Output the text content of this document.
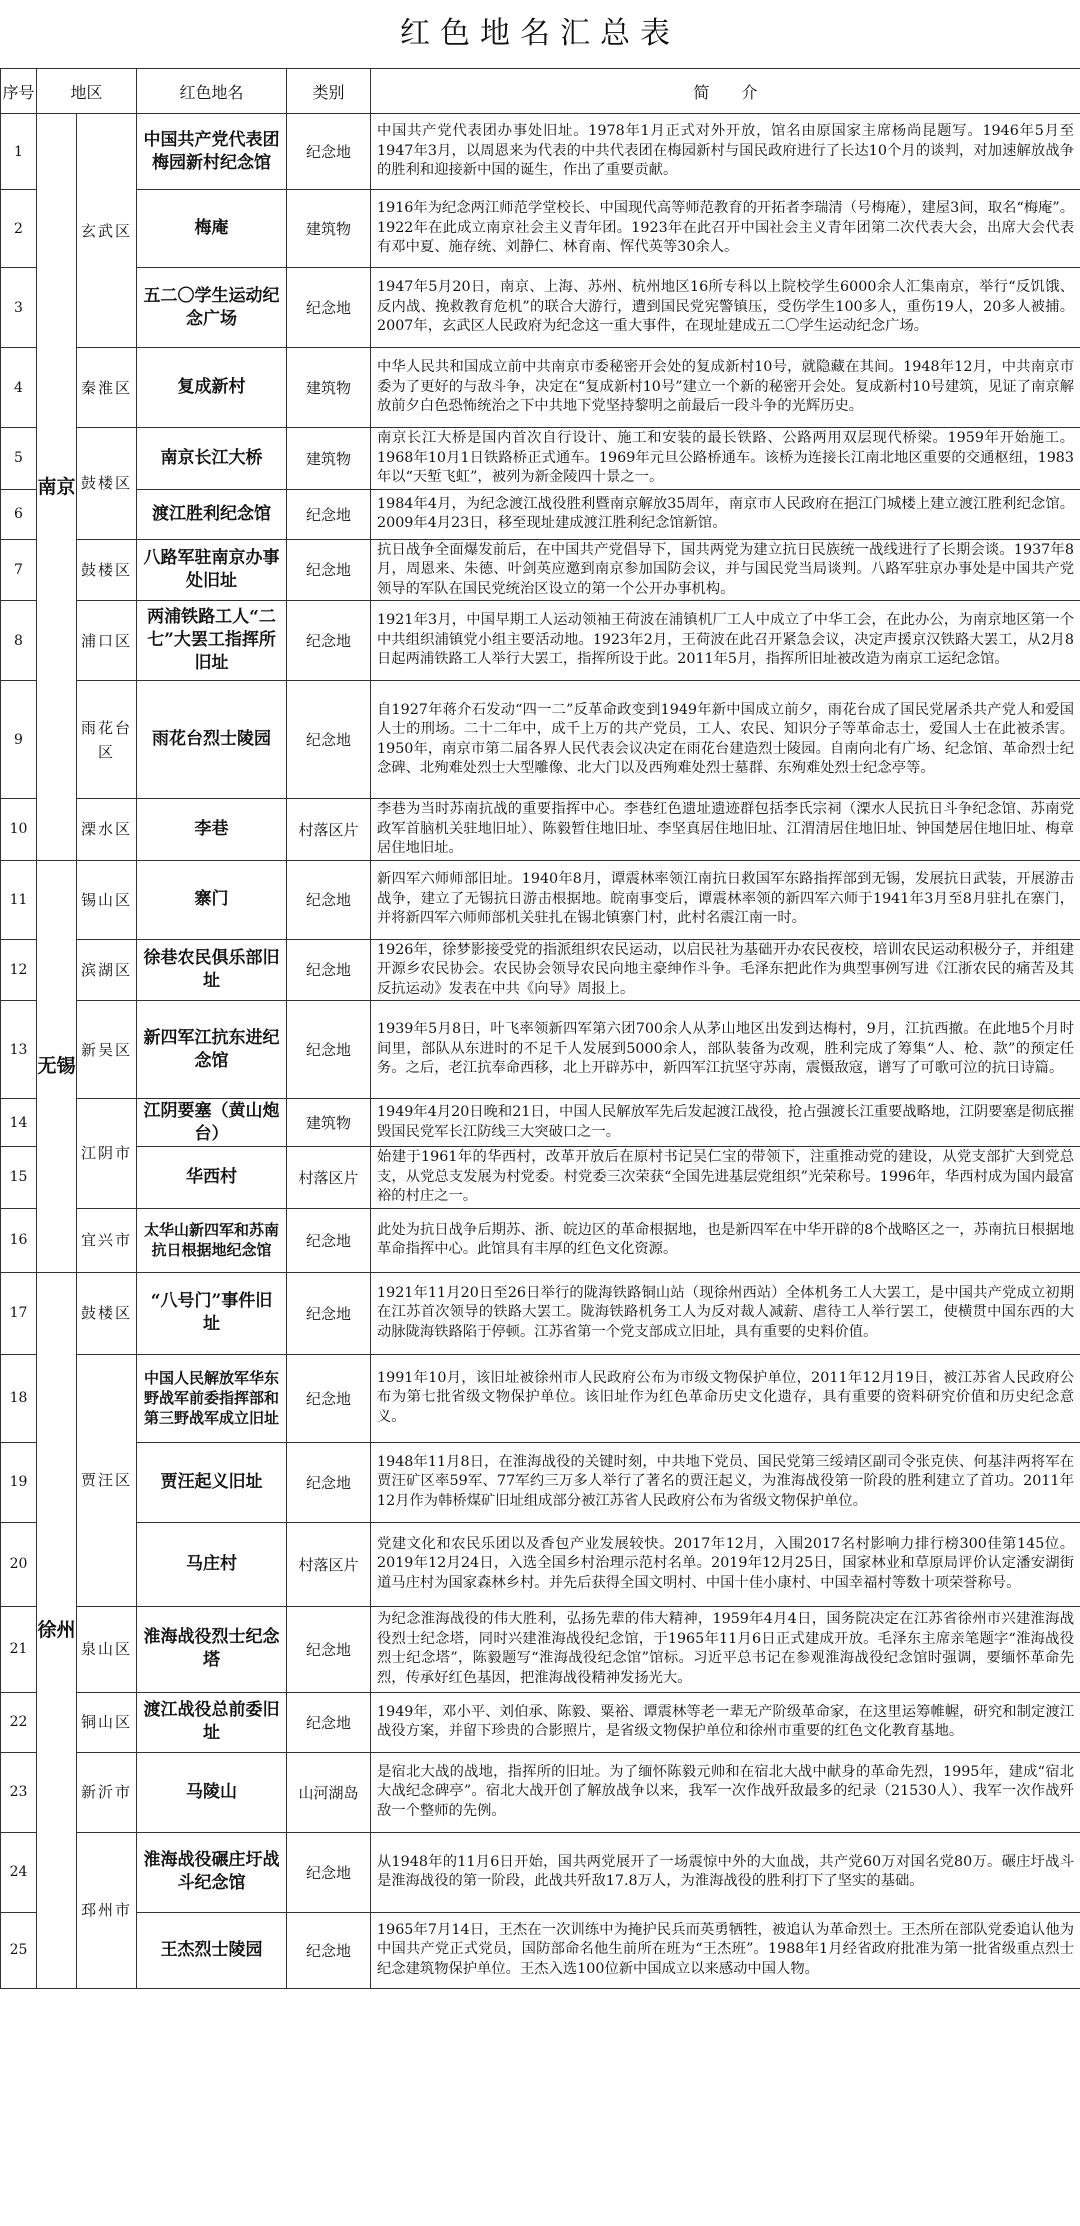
红色地名汇总表
序号	地区		红色地名	类别	简　　介
1	南京	玄武区	中国共产党代表团梅园新村纪念馆	纪念地	中国共产党代表团办事处旧址。1978年1月正式对外开放，馆名由原国家主席杨尚昆题写。1946年5月至1947年3月，以周恩来为代表的中共代表团在梅园新村与国民政府进行了长达10个月的谈判，对加速解放战争的胜利和迎接新中国的诞生，作出了重要贡献。
2			梅庵	建筑物	1916年为纪念两江师范学堂校长、中国现代高等师范教育的开拓者李瑞清（号梅庵），建屋3间，取名“梅庵”。1922年在此成立南京社会主义青年团。1923年在此召开中国社会主义青年团第二次代表大会，出席大会代表有邓中夏、施存统、刘静仁、林育南、恽代英等30余人。
3			五二〇学生运动纪念广场	纪念地	1947年5月20日，南京、上海、苏州、杭州地区16所专科以上院校学生6000余人汇集南京，举行“反饥饿、反内战、挽救教育危机”的联合大游行，遭到国民党宪警镇压，受伤学生100多人，重伤19人，20多人被捕。2007年，玄武区人民政府为纪念这一重大事件，在现址建成五二〇学生运动纪念广场。
4		秦淮区	复成新村	建筑物	中华人民共和国成立前中共南京市委秘密开会处的复成新村10号，就隐藏在其间。1948年12月，中共南京市委为了更好的与敌斗争，决定在“复成新村10号”建立一个新的秘密开会处。复成新村10号建筑，见证了南京解放前夕白色恐怖统治之下中共地下党坚持黎明之前最后一段斗争的光辉历史。
5		鼓楼区	南京长江大桥	建筑物	南京长江大桥是国内首次自行设计、施工和安装的最长铁路、公路两用双层现代桥梁。1959年开始施工。1968年10月1日铁路桥正式通车。1969年元旦公路桥通车。该桥为连接长江南北地区重要的交通枢纽，1983年以“天堑飞虹”，被列为新金陵四十景之一。
6			渡江胜利纪念馆	纪念地	1984年4月，为纪念渡江战役胜利暨南京解放35周年，南京市人民政府在挹江门城楼上建立渡江胜利纪念馆。2009年4月23日，移至现址建成渡江胜利纪念馆新馆。
7		鼓楼区	八路军驻南京办事处旧址	纪念地	抗日战争全面爆发前后，在中国共产党倡导下，国共两党为建立抗日民族统一战线进行了长期会谈。1937年8月，周恩来、朱德、叶剑英应邀到南京参加国防会议，并与国民党当局谈判。八路军驻京办事处是中国共产党领导的军队在国民党统治区设立的第一个公开办事机构。
8		浦口区	两浦铁路工人“二七”大罢工指挥所旧址	纪念地	1921年3月，中国早期工人运动领袖王荷波在浦镇机厂工人中成立了中华工会，在此办公，为南京地区第一个中共组织浦镇党小组主要活动地。1923年2月，王荷波在此召开紧急会议，决定声援京汉铁路大罢工，从2月8日起两浦铁路工人举行大罢工，指挥所设于此。2011年5月，指挥所旧址被改造为南京工运纪念馆。
9		雨花台区	雨花台烈士陵园	纪念地	自1927年蒋介石发动“四一二”反革命政变到1949年新中国成立前夕，雨花台成了国民党屠杀共产党人和爱国人士的刑场。二十二年中，成千上万的共产党员，工人、农民、知识分子等革命志士，爱国人士在此被杀害。1950年，南京市第二届各界人民代表会议决定在雨花台建造烈士陵园。自南向北有广场、纪念馆、革命烈士纪念碑、北殉难处烈士大型雕像、北大门以及西殉难处烈士墓群、东殉难处烈士纪念亭等。
10		溧水区	李巷	村落区片	李巷为当时苏南抗战的重要指挥中心。李巷红色遗址遗迹群包括李氏宗祠（溧水人民抗日斗争纪念馆、苏南党政军首脑机关驻地旧址）、陈毅暂住地旧址、李坚真居住地旧址、江渭清居住地旧址、钟国楚居住地旧址、梅章居住地旧址。
11	无锡	锡山区	寨门	纪念地	新四军六师师部旧址。1940年8月，谭震林率领江南抗日救国军东路指挥部到无锡，发展抗日武装，开展游击战争，建立了无锡抗日游击根据地。皖南事变后，谭震林率领的新四军六师于1941年3月至8月驻扎在寨门，并将新四军六师师部机关驻扎在锡北镇寨门村，此村名震江南一时。
12		滨湖区	徐巷农民俱乐部旧址	纪念地	1926年，徐梦影接受党的指派组织农民运动，以启民社为基础开办农民夜校，培训农民运动积极分子，并组建开源乡农民协会。农民协会领导农民向地主豪绅作斗争。毛泽东把此作为典型事例写进《江浙农民的痛苦及其反抗运动》发表在中共《向导》周报上。
13		新吴区	新四军江抗东进纪念馆	纪念地	1939年5月8日，叶飞率领新四军第六团700余人从茅山地区出发到达梅村，9月，江抗西撤。在此地5个月时间里，部队从东进时的不足千人发展到5000余人，部队装备为改观，胜利完成了筹集“人、枪、款”的预定任务。之后，老江抗奉命西移，北上开辟苏中，新四军江抗坚守苏南，震慑敌寇，谱写了可歌可泣的抗日诗篇。
14		江阴市	江阴要塞（黄山炮台）	建筑物	1949年4月20日晚和21日，中国人民解放军先后发起渡江战役，抢占强渡长江重要战略地，江阴要塞是彻底摧毁国民党军长江防线三大突破口之一。
15			华西村	村落区片	始建于1961年的华西村，改革开放后在原村书记吴仁宝的带领下，注重推动党的建设，从党支部扩大到党总支，从党总支发展为村党委。村党委三次荣获“全国先进基层党组织”光荣称号。1996年，华西村成为国内最富裕的村庄之一。
16		宜兴市	太华山新四军和苏南抗日根据地纪念馆	纪念地	此处为抗日战争后期苏、浙、皖边区的革命根据地，也是新四军在中华开辟的8个战略区之一，苏南抗日根据地革命指挥中心。此馆具有丰厚的红色文化资源。
17	徐州	鼓楼区	“八号门”事件旧址	纪念地	1921年11月20日至26日举行的陇海铁路铜山站（现徐州西站）全体机务工人大罢工，是中国共产党成立初期在江苏首次领导的铁路大罢工。陇海铁路机务工人为反对裁人减薪、虐待工人举行罢工，使横贯中国东西的大动脉陇海铁路陷于停顿。江苏省第一个党支部成立旧址，具有重要的史料价值。
18		贾汪区	中国人民解放军华东野战军前委指挥部和第三野战军成立旧址	纪念地	1991年10月，该旧址被徐州市人民政府公布为市级文物保护单位，2011年12月19日，被江苏省人民政府公布为第七批省级文物保护单位。该旧址作为红色革命历史文化遗存，具有重要的资料研究价值和历史纪念意义。
19			贾汪起义旧址	纪念地	1948年11月8日，在淮海战役的关键时刻，中共地下党员、国民党第三绥靖区副司令张克侠、何基沣两将军在贾汪矿区率59军、77军约三万多人举行了著名的贾汪起义，为淮海战役第一阶段的胜利建立了首功。2011年12月作为韩桥煤矿旧址组成部分被江苏省人民政府公布为省级文物保护单位。
20			马庄村	村落区片	党建文化和农民乐团以及香包产业发展较快。2017年12月，入围2017名村影响力排行榜300佳第145位。2019年12月24日，入选全国乡村治理示范村名单。2019年12月25日，国家林业和草原局评价认定潘安湖街道马庄村为国家森林乡村。并先后获得全国文明村、中国十佳小康村、中国幸福村等数十项荣誉称号。
21		泉山区	淮海战役烈士纪念塔	纪念地	为纪念淮海战役的伟大胜利，弘扬先辈的伟大精神，1959年4月4日，国务院决定在江苏省徐州市兴建淮海战役烈士纪念塔，同时兴建淮海战役纪念馆，于1965年11月6日正式建成开放。毛泽东主席亲笔题字“淮海战役烈士纪念塔”，陈毅题写“淮海战役纪念馆”馆标。习近平总书记在参观淮海战役纪念馆时强调，要缅怀革命先烈，传承好红色基因，把淮海战役精神发扬光大。
22		铜山区	渡江战役总前委旧址	纪念地	1949年，邓小平、刘伯承、陈毅、粟裕、谭震林等老一辈无产阶级革命家，在这里运筹帷幄，研究和制定渡江战役方案，并留下珍贵的合影照片，是省级文物保护单位和徐州市重要的红色文化教育基地。
23		新沂市	马陵山	山河湖岛	是宿北大战的战地，指挥所的旧址。为了缅怀陈毅元帅和在宿北大战中献身的革命先烈，1995年，建成“宿北大战纪念碑亭”。宿北大战开创了解放战争以来，我军一次作战歼敌最多的纪录（21530人）、我军一次作战歼敌一个整师的先例。
24		邳州市	淮海战役碾庄圩战斗纪念馆	纪念地	从1948年的11月6日开始，国共两党展开了一场震惊中外的大血战，共产党60万对国名党80万。碾庄圩战斗是淮海战役的第一阶段，此战共歼敌17.8万人，为淮海战役的胜利打下了坚实的基础。
25			王杰烈士陵园	纪念地	1965年7月14日，王杰在一次训练中为掩护民兵而英勇牺牲，被追认为革命烈士。王杰所在部队党委追认他为中国共产党正式党员，国防部命名他生前所在班为“王杰班”。1988年1月经省政府批准为第一批省级重点烈士纪念建筑物保护单位。王杰入选100位新中国成立以来感动中国人物。
